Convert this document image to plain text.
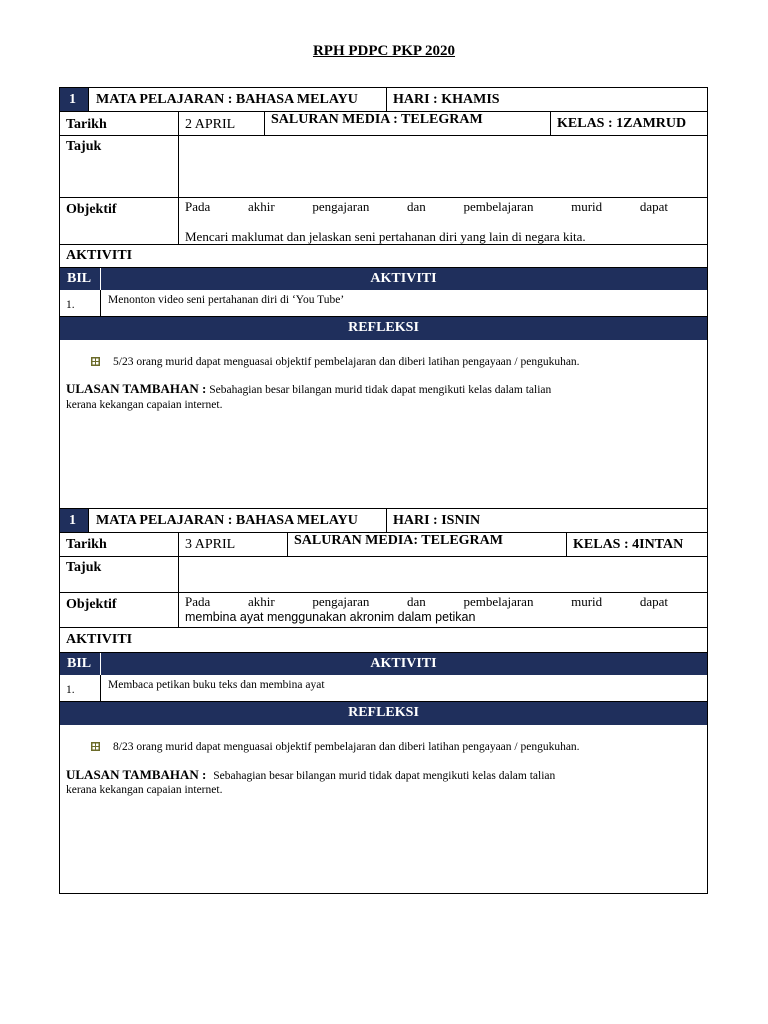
RPH PDPC PKP 2020
1 MATA PELAJARAN : BAHASA MELAYU	HARI : KHAMIS
Tarikh	2 APRIL	SALURAN MEDIA : TELEGRAM	KELAS : 1ZAMRUD
Tajuk
Objektif	Pada	akhir	pengajaran	dan	pembelajaran	murid	dapat
Mencari maklumat dan jelaskan seni pertahanan diri yang lain di negara kita.
AKTIVITI
BIL	AKTIVITI
1.	Menonton video seni pertahanan diri di ‘You Tube’
REFLEKSI
5/23 orang murid dapat menguasai objektif pembelajaran dan diberi latihan pengayaan / pengukuhan.
ULASAN TAMBAHAN : Sebahagian besar bilangan murid tidak dapat mengikuti kelas dalam talian
kerana kekangan capaian internet.
1 MATA PELAJARAN : BAHASA MELAYU	HARI : ISNIN
Tarikh	3 APRIL	SALURAN MEDIA: TELEGRAM	KELAS : 4INTAN
Tajuk
Objektif	Pada	akhir	pengajaran	dan	pembelajaran	murid	dapat
membina ayat menggunakan akronim dalam petikan
AKTIVITI
BIL	AKTIVITI
1.	Membaca petikan buku teks dan membina ayat
REFLEKSI
8/23 orang murid dapat menguasai objektif pembelajaran dan diberi latihan pengayaan / pengukuhan.
ULASAN TAMBAHAN : Sebahagian besar bilangan murid tidak dapat mengikuti kelas dalam talian
kerana kekangan capaian internet.
